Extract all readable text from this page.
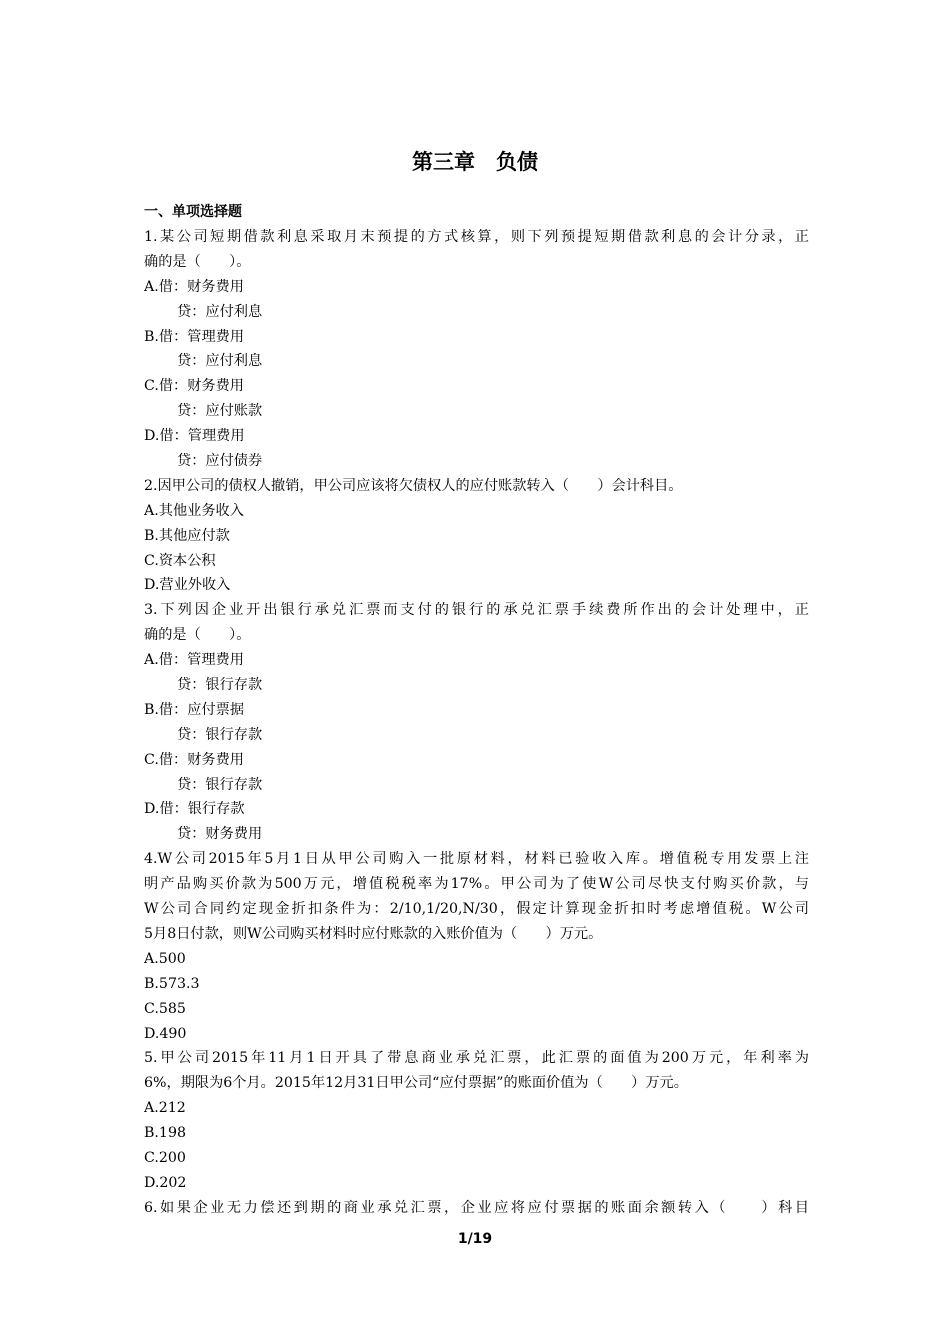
第三章　负债
一、单项选择题
1.某公司短期借款利息采取月末预提的方式核算，则下列预提短期借款利息的会计分录，正
确的是（　　）。
A.借：财务费用
贷：应付利息
B.借：管理费用
贷：应付利息
C.借：财务费用
贷：应付账款
D.借：管理费用
贷：应付债券
2.因甲公司的债权人撤销，甲公司应该将欠债权人的应付账款转入（　　）会计科目。
A.其他业务收入
B.其他应付款
C.资本公积
D.营业外收入
3.下列因企业开出银行承兑汇票而支付的银行的承兑汇票手续费所作出的会计处理中，正
确的是（　　）。
A.借：管理费用
贷：银行存款
B.借：应付票据
贷：银行存款
C.借：财务费用
贷：银行存款
D.借：银行存款
贷：财务费用
4.W公司2015年5月1日从甲公司购入一批原材料，材料已验收入库。增值税专用发票上注
明产品购买价款为500万元，增值税税率为17%。甲公司为了使W公司尽快支付购买价款，与
W公司合同约定现金折扣条件为：2/10,1/20,N/30，假定计算现金折扣时考虑增值税。W公司
5月8日付款，则W公司购买材料时应付账款的入账价值为（　　）万元。
A.500
B.573.3
C.585
D.490
5.甲公司2015年11月1日开具了带息商业承兑汇票，此汇票的面值为200万元，年利率为
6%，期限为6个月。2015年12月31日甲公司“应付票据”的账面价值为（　　）万元。
A.212
B.198
C.200
D.202
6.如果企业无力偿还到期的商业承兑汇票，企业应将应付票据的账面余额转入（　　）科目
1/19
